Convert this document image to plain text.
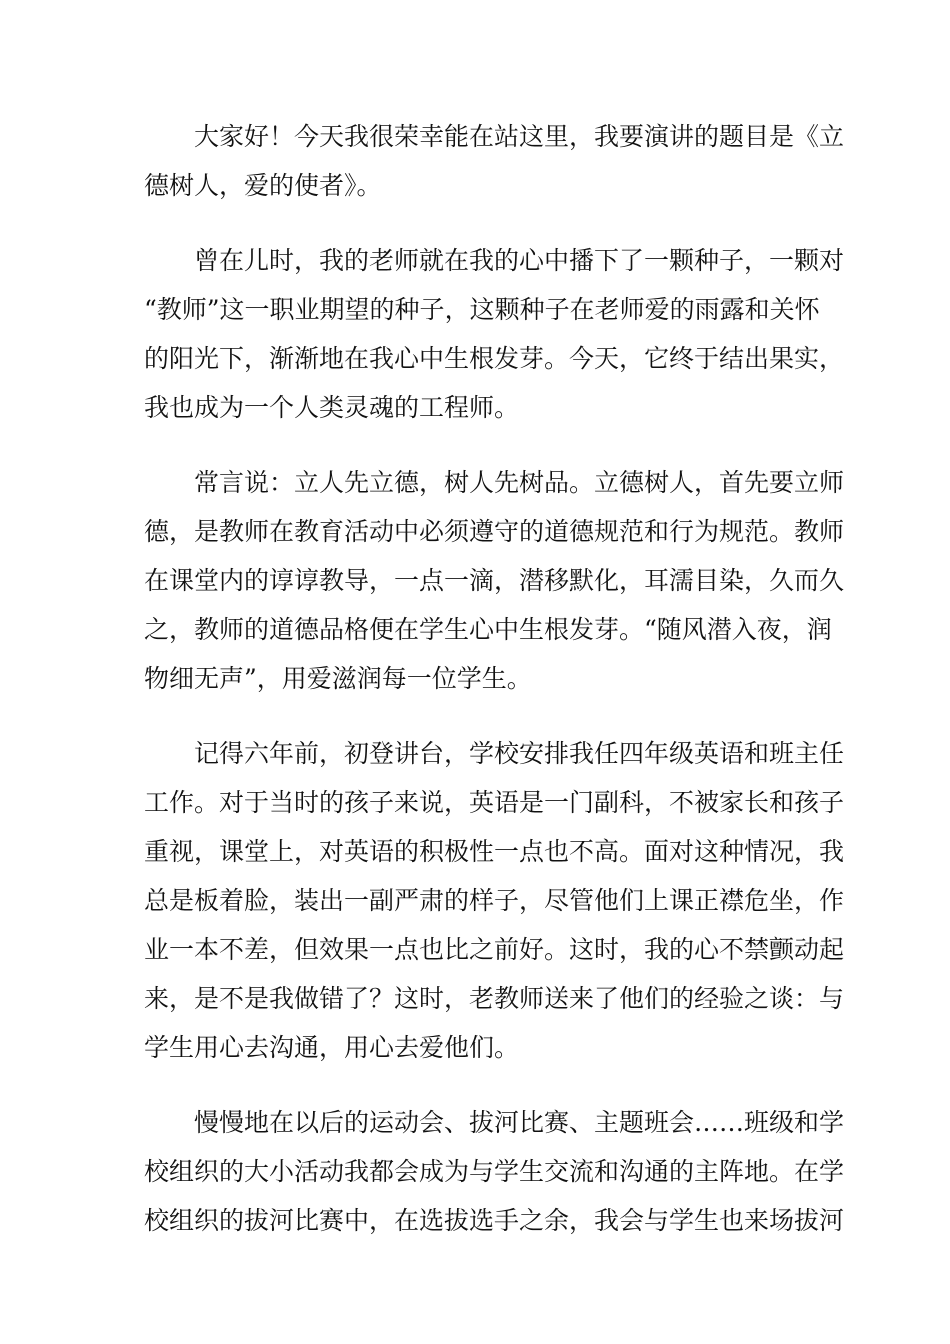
大家好！今天我很荣幸能在站这里，我要演讲的题目是《立
德树人，爱的使者》。

曾在儿时，我的老师就在我的心中播下了一颗种子，一颗对
“教师”这一职业期望的种子，这颗种子在老师爱的雨露和关怀
的阳光下，渐渐地在我心中生根发芽。今天，它终于结出果实，
我也成为一个人类灵魂的工程师。

常言说：立人先立德，树人先树品。立德树人，首先要立师
德，是教师在教育活动中必须遵守的道德规范和行为规范。教师
在课堂内的谆谆教导，一点一滴，潜移默化，耳濡目染，久而久
之，教师的道德品格便在学生心中生根发芽。“随风潜入夜，润
物细无声”，用爱滋润每一位学生。

记得六年前，初登讲台，学校安排我任四年级英语和班主任
工作。对于当时的孩子来说，英语是一门副科，不被家长和孩子
重视，课堂上，对英语的积极性一点也不高。面对这种情况，我
总是板着脸，装出一副严肃的样子，尽管他们上课正襟危坐，作
业一本不差，但效果一点也比之前好。这时，我的心不禁颤动起
来，是不是我做错了？这时，老教师送来了他们的经验之谈：与
学生用心去沟通，用心去爱他们。

慢慢地在以后的运动会、拔河比赛、主题班会……班级和学
校组织的大小活动我都会成为与学生交流和沟通的主阵地。在学
校组织的拔河比赛中，在选拔选手之余，我会与学生也来场拔河
